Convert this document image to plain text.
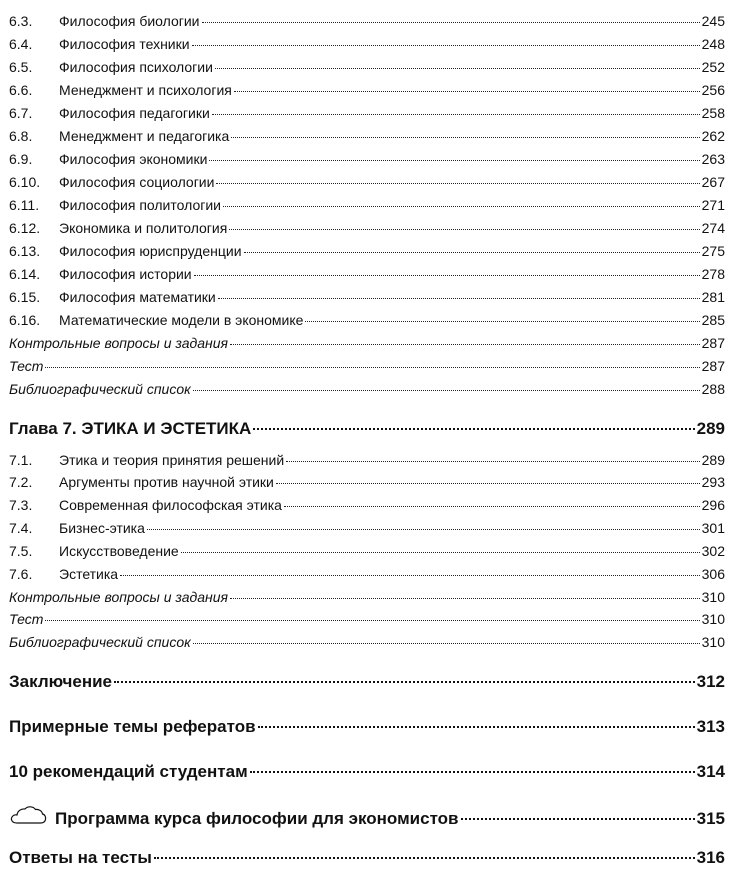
6.3.	Философия биологии	245
6.4.	Философия техники	248
6.5.	Философия психологии	252
6.6.	Менеджмент и психология	256
6.7.	Философия педагогики	258
6.8.	Менеджмент и педагогика	262
6.9.	Философия экономики	263
6.10.	Философия социологии	267
6.11.	Философия политологии	271
6.12.	Экономика и политология	274
6.13.	Философия юриспруденции	275
6.14.	Философия истории	278
6.15.	Философия математики	281
6.16.	Математические модели в экономике	285
Контрольные вопросы и задания	287
Тест	287
Библиографический список	288
Глава 7. ЭТИКА И ЭСТЕТИКА	289
7.1.	Этика и теория принятия решений	289
7.2.	Аргументы против научной этики	293
7.3.	Современная философская этика	296
7.4.	Бизнес-этика	301
7.5.	Искусствоведение	302
7.6.	Эстетика	306
Контрольные вопросы и задания	310
Тест	310
Библиографический список	310
Заключение	312
Примерные темы рефератов	313
10 рекомендаций студентам	314
Программа курса философии для экономистов	315
Ответы на тесты	316
